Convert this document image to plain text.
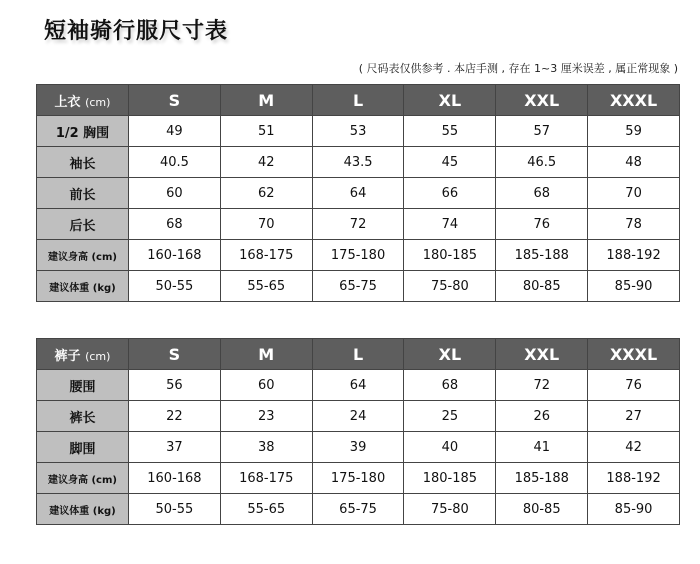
短袖骑行服尺寸表
( 尺码表仅供参考 . 本店手测 , 存在 1~3 厘米误差 , 属正常现象 )
上衣 (cm)	S	M	L	XL	XXL	XXXL
1/2 胸围	49	51	53	55	57	59
袖长	40.5	42	43.5	45	46.5	48
前长	60	62	64	66	68	70
后长	68	70	72	74	76	78
建议身高 (cm)	160-168	168-175	175-180	180-185	185-188	188-192
建议体重 (kg)	50-55	55-65	65-75	75-80	80-85	85-90
裤子 (cm)	S	M	L	XL	XXL	XXXL
腰围	56	60	64	68	72	76
裤长	22	23	24	25	26	27
脚围	37	38	39	40	41	42
建议身高 (cm)	160-168	168-175	175-180	180-185	185-188	188-192
建议体重 (kg)	50-55	55-65	65-75	75-80	80-85	85-90
